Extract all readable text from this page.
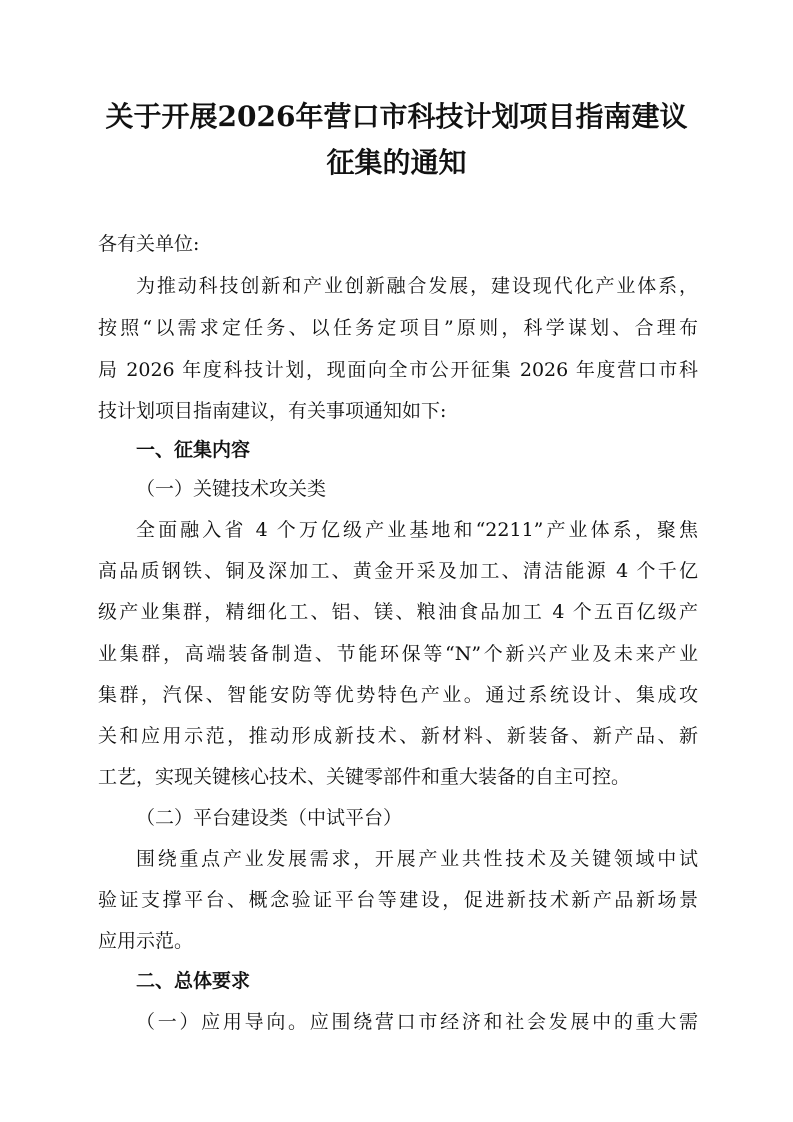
关于开展2026年营口市科技计划项目指南建议
征集的通知

各有关单位:

为推动科技创新和产业创新融合发展，建设现代化产业体系，

按照“以需求定任务、以任务定项目”原则，科学谋划、合理布

局 2026 年度科技计划，现面向全市公开征集 2026 年度营口市科

技计划项目指南建议，有关事项通知如下:

一、征集内容

（一）关键技术攻关类

全面融入省 4 个万亿级产业基地和“2211”产业体系，聚焦

高品质钢铁、铜及深加工、黄金开采及加工、清洁能源 4 个千亿

级产业集群，精细化工、铝、镁、粮油食品加工 4 个五百亿级产

业集群，高端装备制造、节能环保等“N”个新兴产业及未来产业

集群，汽保、智能安防等优势特色产业。通过系统设计、集成攻

关和应用示范，推动形成新技术、新材料、新装备、新产品、新

工艺，实现关键核心技术、关键零部件和重大装备的自主可控。

（二）平台建设类（中试平台）

围绕重点产业发展需求，开展产业共性技术及关键领域中试

验证支撑平台、概念验证平台等建设，促进新技术新产品新场景

应用示范。

二、总体要求

（一）应用导向。应围绕营口市经济和社会发展中的重大需
